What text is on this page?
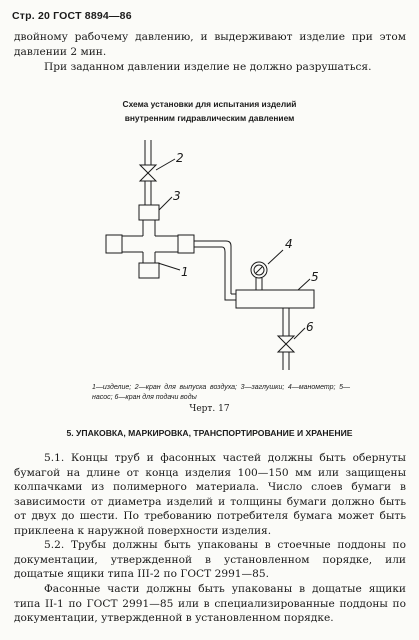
Стр. 20 ГОСТ 8894—86
двойному рабочему давлению, и выдерживают изделие при этом давлении 2 мин.
При заданном давлении изделие не должно разрушаться.
Схема установки для испытания изделий
внутренним гидравлическим давлением
2
3
1
4
5
6
1—изделие; 2—кран для выпуска воздуха; 3—заглушки; 4—манометр; 5—насос; 6—кран для подачи воды
Черт. 17
5. УПАКОВКА, МАРКИРОВКА, ТРАНСПОРТИРОВАНИЕ И ХРАНЕНИЕ
5.1. Концы труб и фасонных частей должны быть обернуты бумагой на длине от конца изделия 100—150 мм или защищены колпачками из полимерного материала. Число слоев бумаги в зависимости от диаметра изделий и толщины бумаги должно быть от двух до шести. По требованию потребителя бумага может быть приклеена к наружной поверхности изделия.
5.2. Трубы должны быть упакованы в стоечные поддоны по документации, утвержденной в установленном порядке, или дощатые ящики типа III-2 по ГОСТ 2991—85.
Фасонные части должны быть упакованы в дощатые ящики типа II-1 по ГОСТ 2991—85 или в специализированные поддоны по документации, утвержденной в установленном порядке.
